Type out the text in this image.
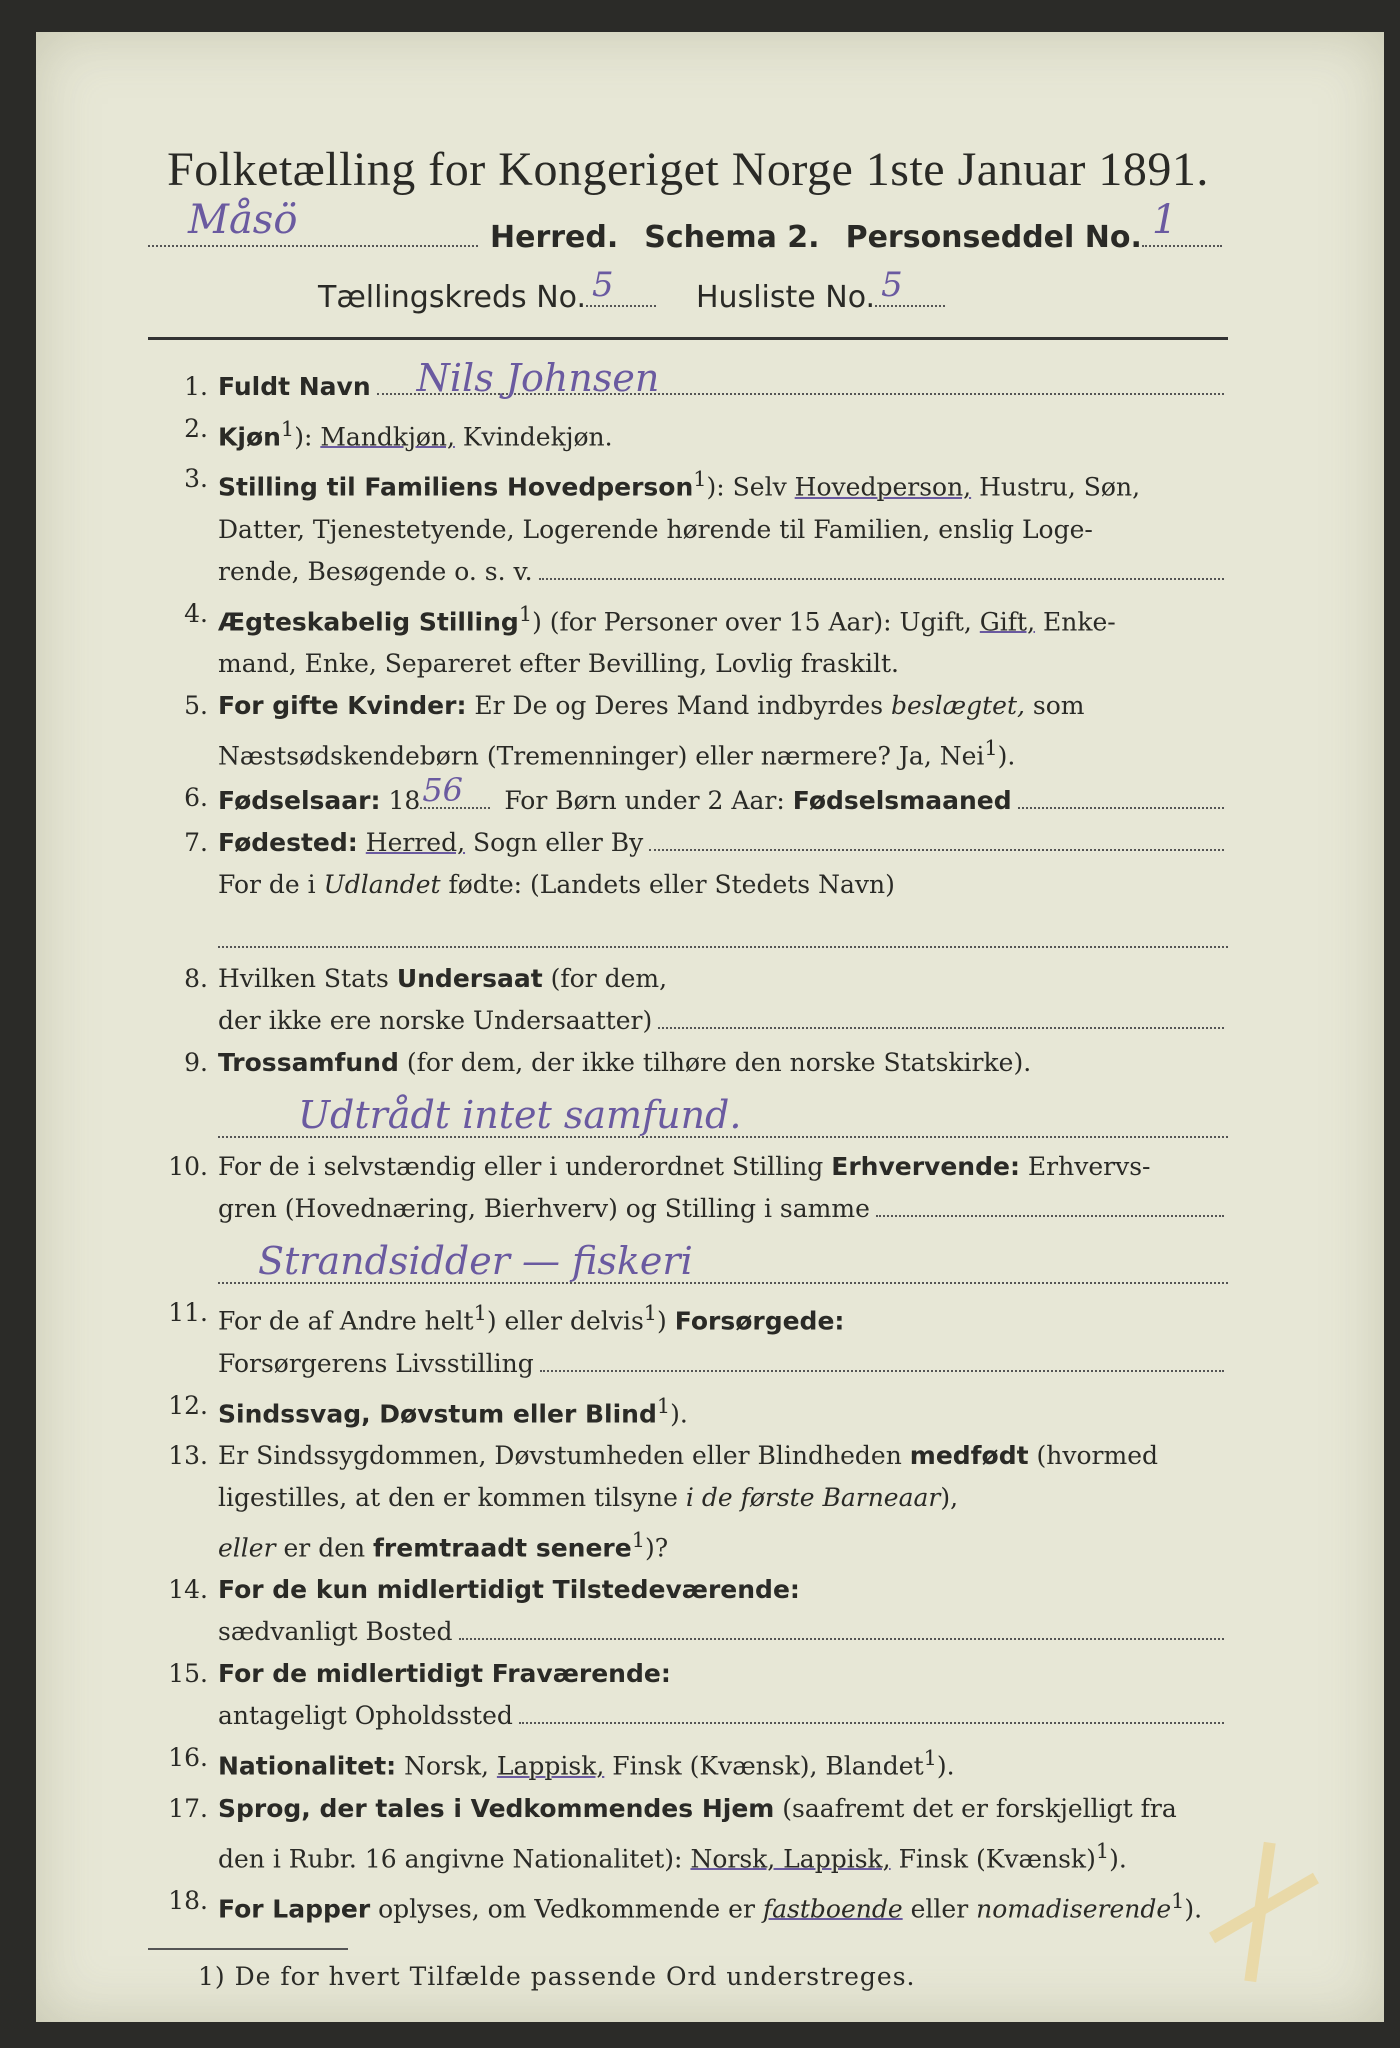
Folketælling for Kongeriget Norge 1ste Januar 1891.
Måsö	Herred. Schema 2. Personseddel No. 1
Tællingskreds No. 5	Husliste No. 5
1. Fuldt Navn Nils Johnsen
2. Kjøn$^1$): Mandkjøn, Kvindekjøn.
3. Stilling til Familiens Hovedperson$^1$): Selv Hovedperson, Hustru, Søn,
Datter, Tjenestetyende, Logerende hørende til Familien, enslig Loge-
rende, Besøgende o. s. v.
4. Ægteskabelig Stilling$^1$) (for Personer over 15 Aar): Ugift, Gift, Enke-
mand, Enke, Separeret efter Bevilling, Lovlig fraskilt.
5. For gifte Kvinder: Er De og Deres Mand indbyrdes beslægtet, som
Næstsødskendebørn (Tremenninger) eller nærmere? Ja, Nei$^1$).
6. Fødselsaar: 18 56 For Børn under 2 Aar: Fødselsmaaned
7. Fødested: Herred, Sogn eller By
For de i Udlandet fødte: (Landets eller Stedets Navn)
8. Hvilken Stats Undersaat (for dem,
der ikke ere norske Undersaatter)
9. Trossamfund (for dem, der ikke tilhøre den norske Statskirke).
Udtrådt intet samfund.
10. For de i selvstændig eller i underordnet Stilling Erhvervende: Erhvervs-
gren (Hovednæring, Bierhverv) og Stilling i samme
Strandsidder — fiskeri
11. For de af Andre helt$^1$) eller delvis$^1$) Forsørgede:
Forsørgerens Livsstilling
12. Sindssvag, Døvstum eller Blind$^1$).
13. Er Sindssygdommen, Døvstumheden eller Blindheden medfødt (hvormed
ligestilles, at den er kommen tilsyne i de første Barneaar),
eller er den fremtraadt senere$^1$)?
14. For de kun midlertidigt Tilstedeværende:
sædvanligt Bosted
15. For de midlertidigt Fraværende:
antageligt Opholdssted
16. Nationalitet: Norsk, Lappisk, Finsk (Kvænsk), Blandet$^1$).
17. Sprog, der tales i Vedkommendes Hjem (saafremt det er forskjelligt fra
den i Rubr. 16 angivne Nationalitet): Norsk, Lappisk, Finsk (Kvænsk)$^1$).
18. For Lapper oplyses, om Vedkommende er fastboende eller nomadiserende$^1$).
1) De for hvert Tilfælde passende Ord understreges.
